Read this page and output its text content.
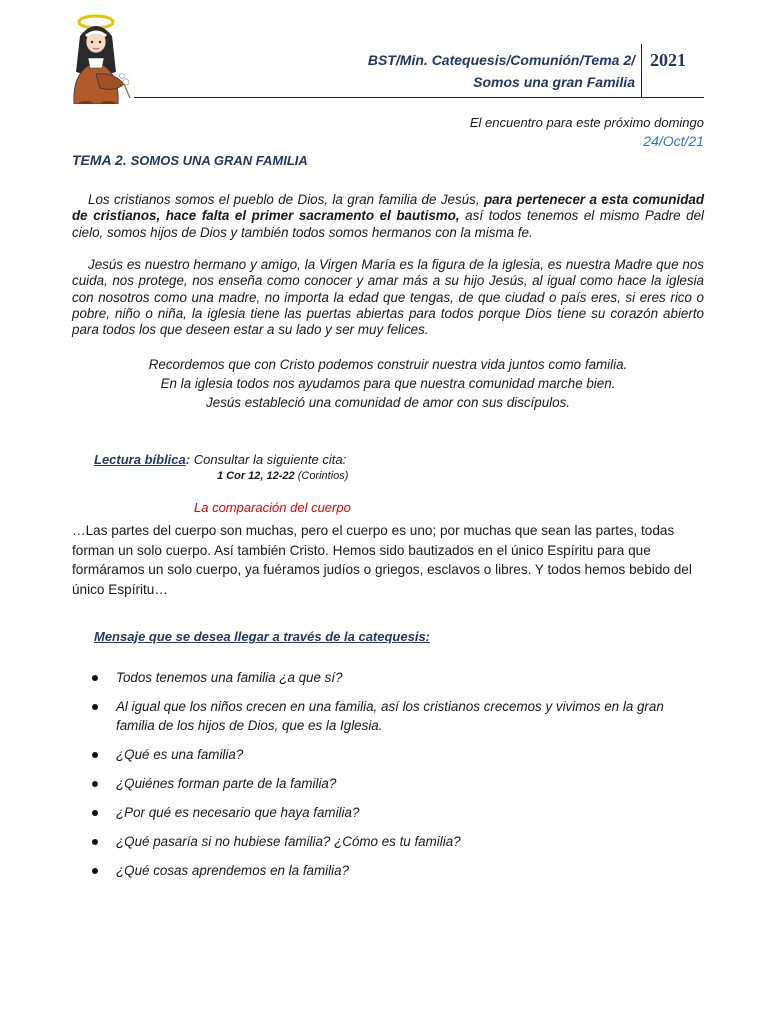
BST/Min. Catequesis/Comunión/Tema 2/
Somos una gran Familia
2021
El encuentro para este próximo domingo
24/Oct/21
TEMA 2. SOMOS UNA GRAN FAMILIA
Los cristianos somos el pueblo de Dios, la gran familia de Jesús, para pertenecer a esta comunidad de cristianos, hace falta el primer sacramento el bautismo, así todos tenemos el mismo Padre del cielo, somos hijos de Dios y también todos somos hermanos con la misma fe.
Jesús es nuestro hermano y amigo, la Virgen María es la figura de la iglesia, es nuestra Madre que nos cuida, nos protege, nos enseña como conocer y amar más a su hijo Jesús, al igual como hace la iglesia con nosotros como una madre, no importa la edad que tengas, de que ciudad o país eres, si eres rico o pobre, niño o niña, la iglesia tiene las puertas abiertas para todos porque Dios tiene su corazón abierto para todos los que deseen estar a su lado y ser muy felices.
Recordemos que con Cristo podemos construir nuestra vida juntos como familia.
En la iglesia todos nos ayudamos para que nuestra comunidad marche bien.
Jesús estableció una comunidad de amor con sus discípulos.
Lectura bíblica: Consultar la siguiente cita:
1 Cor 12, 12-22 (Corintios)
La comparación del cuerpo
…Las partes del cuerpo son muchas, pero el cuerpo es uno; por muchas que sean las partes, todas forman un solo cuerpo. Así también Cristo. Hemos sido bautizados en el único Espíritu para que formáramos un solo cuerpo, ya fuéramos judíos o griegos, esclavos o libres. Y todos hemos bebido del único Espíritu…
Mensaje que se desea llegar a través de la catequesis:
Todos tenemos una familia ¿a que sí?
Al igual que los niños crecen en una familia, así los cristianos crecemos y vivimos en la gran familia de los hijos de Dios, que es la Iglesia.
¿Qué es una familia?
¿Quiénes forman parte de la familia?
¿Por qué es necesario que haya familia?
¿Qué pasaría si no hubiese familia? ¿Cómo es tu familia?
¿Qué cosas aprendemos en la familia?
